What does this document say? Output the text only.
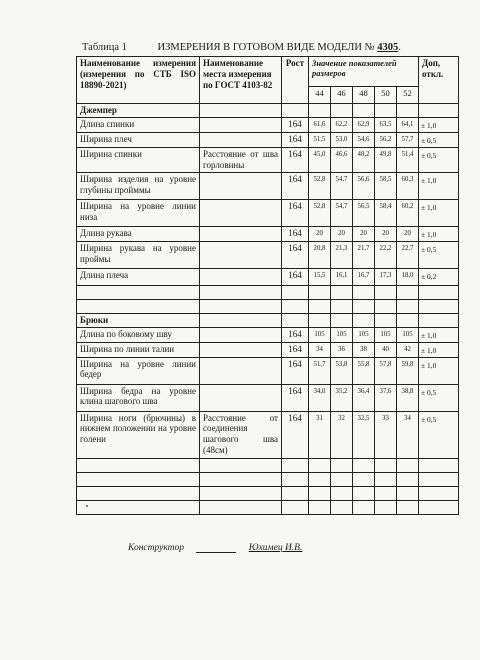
Таблица 1	ИЗМЕРЕНИЯ В ГОТОВОМ ВИДЕ МОДЕЛИ № 4305.
Наименование измерения (измерения по СТБ ISO 18890-2021)	Наименование места измерения по ГОСТ 4103-82	Рост	Значение показателей размеров					Доп, откл.
			44	46	48	50	52	
Джемпер								
Длина спинки		164	61,6	62,2	62,9	63,5	64,1	± 1,0
Ширина плеч		164	51,5	53,0	54,6	56,2	57,7	± 0,5
Ширина спинки	Расстояние от шва горловины	164	45,0	46,6	48,2	49,8	51,4	± 0,5
Ширина изделия на уровне глубины пройммы		164	52,8	54,7	56,6	58,5	60,3	± 1,0
Ширина на уровне линии низа		164	52,8	54,7	56,5	58,4	60,2	± 1,0
Длина рукава		164	20	20	20	20	20	± 1,0
Ширина рукава на уровне проймы		164	20,8	21,3	21,7	22,2	22,7	± 0,5
Длина плеча		164	15,5	16,1	16,7	17,3	18,0	± 0,2

Брюки								
Длина по боковому шву		164	105	105	105	105	105	± 1,0
Ширина по линии талии		164	34	36	38	40	42	± 1,0
Ширина на уровне линии бедер		164	51,7	53,8	55,8	57,8	59,8	± 1,0
Ширина бедра на уровне клина шагового шва		164	34,0	35,2	36,4	37,6	38,8	± 0,5
Ширина ноги (брючины) в нижнем положении на уровне голени	Расстояние от соединения шагового шва (48см)	164	31	32	32,5	33	34	± 0,5

Конструктор	Юхимец И.В.
